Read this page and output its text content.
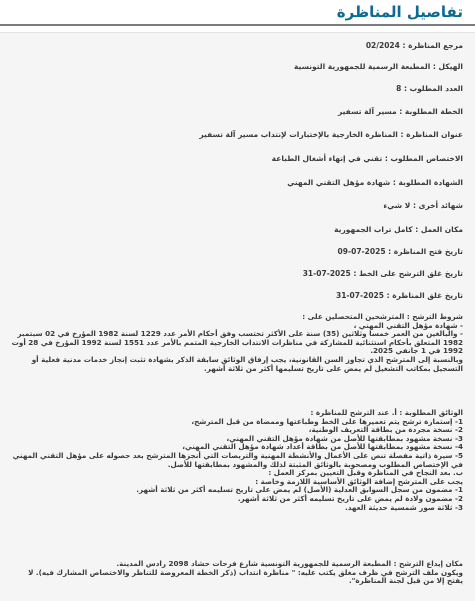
تفاصيل المناظرة
مرجع المناظرة : 02/2024
الهيكل : المطبعة الرسمية للجمهورية التونسية
العدد المطلوب : 8
الخطة المطلوبة : مسير آلة تسفير
عنوان المناظرة : المناظرة الخارجية بالإختبارات لإنتداب مسير آلة تسفير
الاختصاص المطلوب : تقني في إنهاء أشغال الطباعة
الشهادة المطلوبة : شهادة مؤهل التقني المهني
شهائد أخرى : لا شيء
مكان العمل : كامل تراب الجمهورية
تاريخ فتح المناظرة : 2025-07-09
تاريخ غلق الترشح على الخط : 2025-07-31
تاريخ غلق المناظرة : 2025-07-31

شروط الترشح : المترشحين المتحصلين على :

- شهادة مؤهل التقني المهني ،

- والبالغين من العمر خمسا وثلاثين (35) سنة على الأكثر تحتسب وفق أحكام الأمر عدد 1229 لسنة 1982 المؤرخ في 02 سبتمبر 1982 المتعلق بأحكام استثنائية للمشاركة في مناظرات الانتداب الخارجية المتمم بالأمر عدد 1551 لسنة 1992 المؤرخ في 28 أوت 1992 في 1 جانفي 2025.

وبالنسبة إلى المترشح الذي تجاوز السن القانونية، يجب إرفاق الوثائق سابقة الذكر بشهادة تثبت إنجاز خدمات مدنية فعلية أو التسجيل بمكاتب التشغيل لم يمض على تاريخ تسليمها أكثر من ثلاثة أشهر.

الوثائق المطلوبة : أ. عند الترشح للمناظرة :

1- إستمارة ترشح يتم تعميرها على الخط وطباعتها وممضاة من قبل المترشح،

2- نسخة مجردة من بطاقة التعريف الوطنية،

3- نسخة مشهود بمطابقتها للأصل من شهادة مؤهل التقني المهني،

4- نسخة مشهود بمطابقتها للأصل من بطاقة أعداد شهادة مؤهل التقني المهني،

5- سيرة ذاتية مفصلة تنص على الأعمال والأنشطة المهنية والتربصات التي أنجزها المترشح بعد حصوله على مؤهل التقني المهني في الإختصاص المطلوب ومصحوبة بالوثائق المثبتة لذلك والمشهود بمطابقتها للأصل.

ب. بعد النجاح في المناظرة وقبل التعيين بمركز العمل :

يجب على المترشح إضافة الوثائق الأساسية اللازمة وخاصة :

1- مضمون من سجل السوابق العدلية (الأصل) لم يمض على تاريخ تسليمه أكثر من ثلاثة أشهر.

2- مضمون ولادة لم يمض على تاريخ تسليمه أكثر من ثلاثة أشهر.

3- ثلاثة صور شمسية حديثة العهد.

مكان إيداع الترشح : المطبعة الرسمية للجمهورية التونسية شارع فرحات حشاد 2098 رادس المدينة.

ويكون ملف الترشح في ظرف مغلق يكتب عليه: " مناظرة انتداب (ذكر الخطة المعروضة للتناظر والاختصاص المشارك فيه). لا يفتح إلا من قبل لجنة المناظرة".
